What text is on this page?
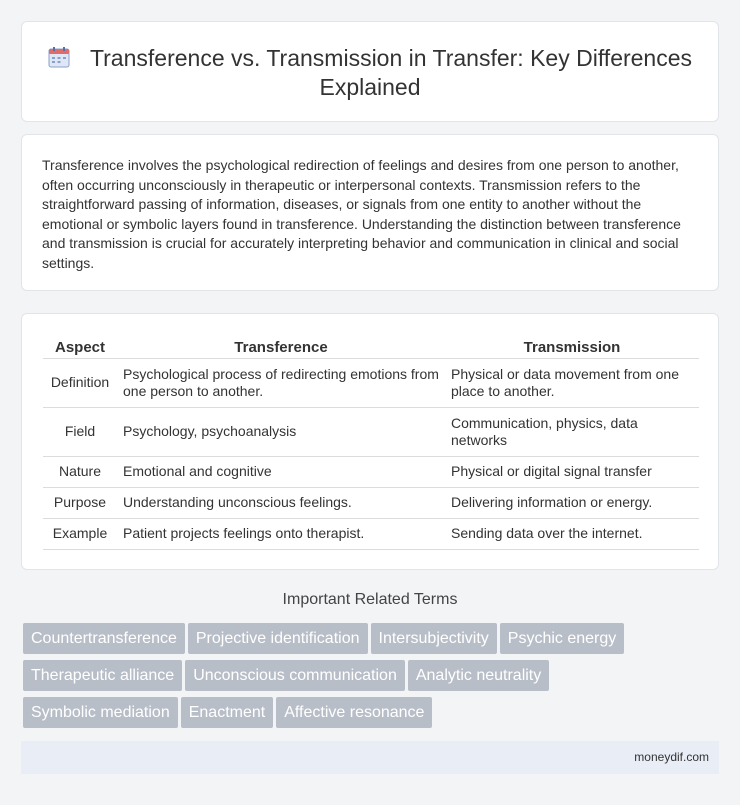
Transference vs. Transmission in Transfer: Key Differences Explained

Transference involves the psychological redirection of feelings and desires from one person to another, often occurring unconsciously in therapeutic or interpersonal contexts. Transmission refers to the straightforward passing of information, diseases, or signals from one entity to another without the emotional or symbolic layers found in transference. Understanding the distinction between transference and transmission is crucial for accurately interpreting behavior and communication in clinical and social settings.

Aspect	Transference	Transmission
Definition	Psychological process of redirecting emotions from one person to another.	Physical or data movement from one place to another.
Field	Psychology, psychoanalysis	Communication, physics, data networks
Nature	Emotional and cognitive	Physical or digital signal transfer
Purpose	Understanding unconscious feelings.	Delivering information or energy.
Example	Patient projects feelings onto therapist.	Sending data over the internet.
Important Related Terms
Countertransference Projective identification Intersubjectivity Psychic energy
Therapeutic alliance Unconscious communication Analytic neutrality
Symbolic mediation Enactment Affective resonance
moneydif.com
